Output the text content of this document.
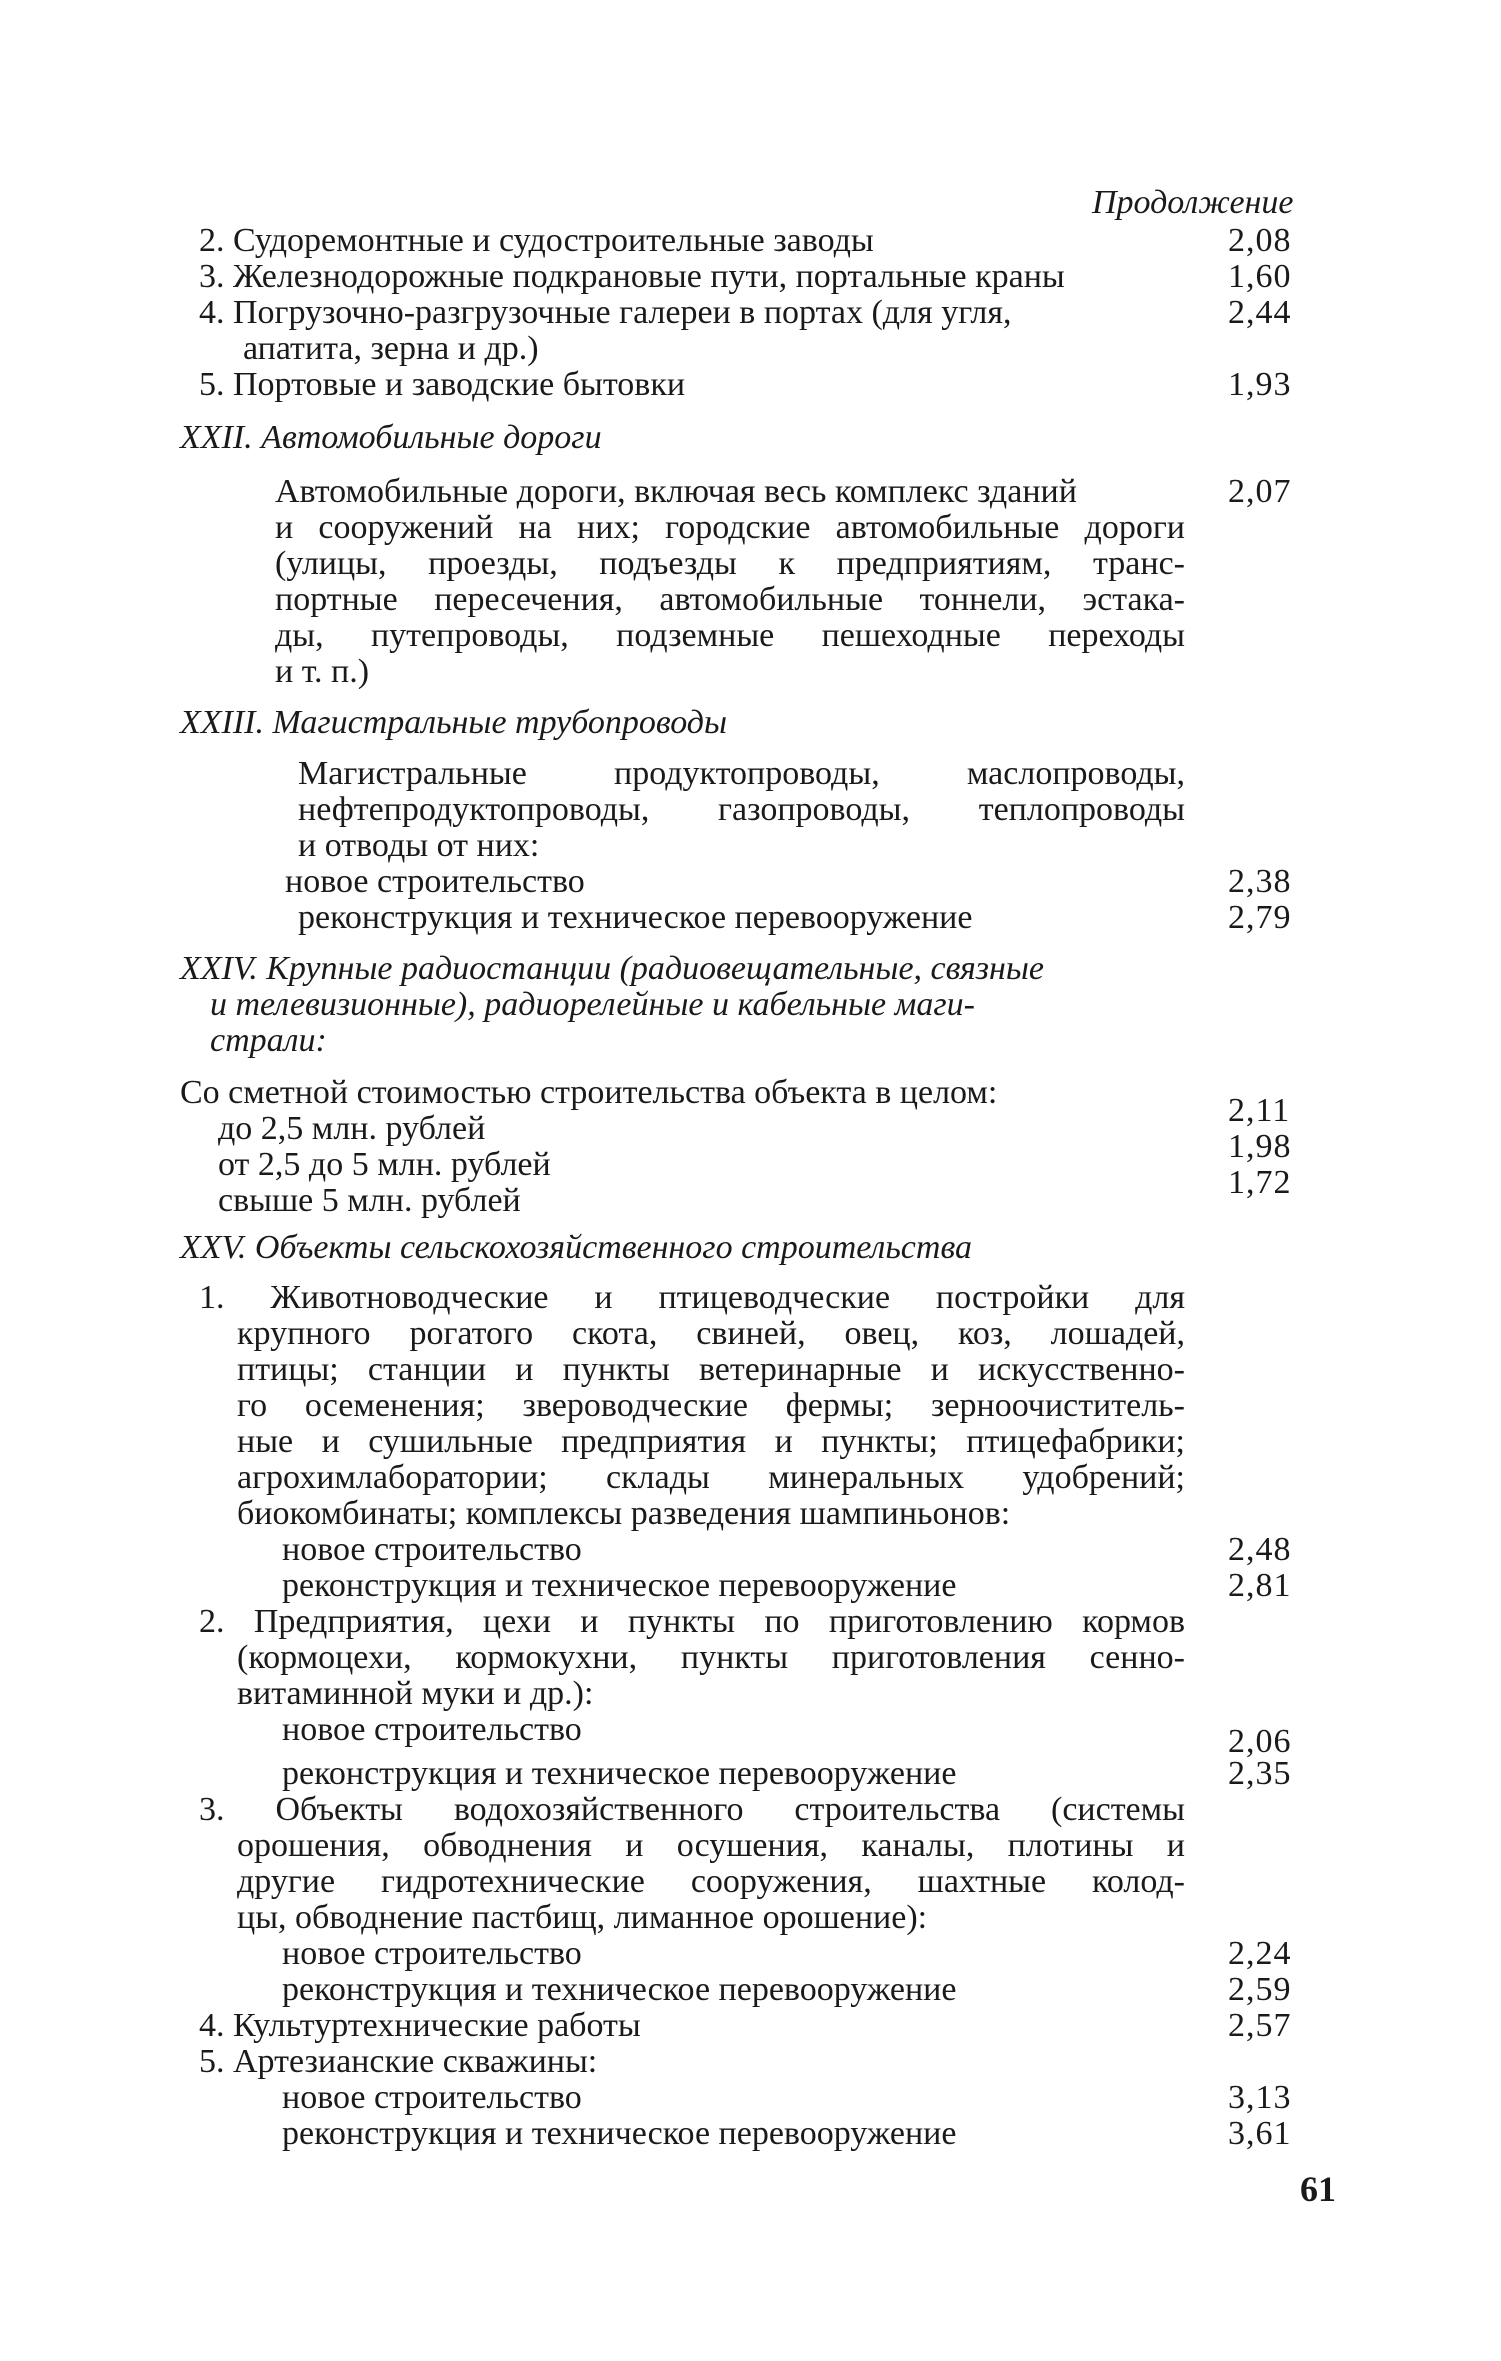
Продолжение
2. Судоремонтные и судостроительные заводы	2,08
3. Железнодорожные подкрановые пути, портальные краны	1,60
4. Погрузочно-разгрузочные галереи в портах (для угля,	2,44
апатита, зерна и др.)
5. Портовые и заводские бытовки	1,93
XXII. Автомобильные дороги
Автомобильные дороги, включая весь комплекс зданий	2,07
и сооружений на них; городские автомобильные дороги
(улицы, проезды, подъезды к предприятиям, транс-
портные пересечения, автомобильные тоннели, эстака-
ды, путепроводы, подземные пешеходные переходы
и т. п.)
XXIII. Магистральные трубопроводы
Магистральные продуктопроводы, маслопроводы,
нефтепродуктопроводы, газопроводы, теплопроводы
и отводы от них:
новое строительство	2,38
реконструкция и техническое перевооружение	2,79
XXIV. Крупные радиостанции (радиовещательные, связные
и телевизионные), радиорелейные и кабельные маги-
страли:
Со сметной стоимостью строительства объекта в целом:
до 2,5 млн. рублей	2,11
от 2,5 до 5 млн. рублей	1,98
свыше 5 млн. рублей	1,72
XXV. Объекты сельскохозяйственного строительства
1. Животноводческие и птицеводческие постройки для
крупного рогатого скота, свиней, овец, коз, лошадей,
птицы; станции и пункты ветеринарные и искусственно-
го осеменения; звероводческие фермы; зерноочиститель-
ные и сушильные предприятия и пункты; птицефабрики;
агрохимлаборатории; склады минеральных удобрений;
биокомбинаты; комплексы разведения шампиньонов:
новое строительство	2,48
реконструкция и техническое перевооружение	2,81
2. Предприятия, цехи и пункты по приготовлению кормов
(кормоцехи, кормокухни, пункты приготовления сенно-
витаминной муки и др.):
новое строительство	2,06
реконструкция и техническое перевооружение	2,35
3. Объекты водохозяйственного строительства (системы
орошения, обводнения и осушения, каналы, плотины и
другие гидротехнические сооружения, шахтные колод-
цы, обводнение пастбищ, лиманное орошение):
новое строительство	2,24
реконструкция и техническое перевооружение	2,59
4. Культуртехнические работы	2,57
5. Артезианские скважины:
новое строительство	3,13
реконструкция и техническое перевооружение	3,61
61
